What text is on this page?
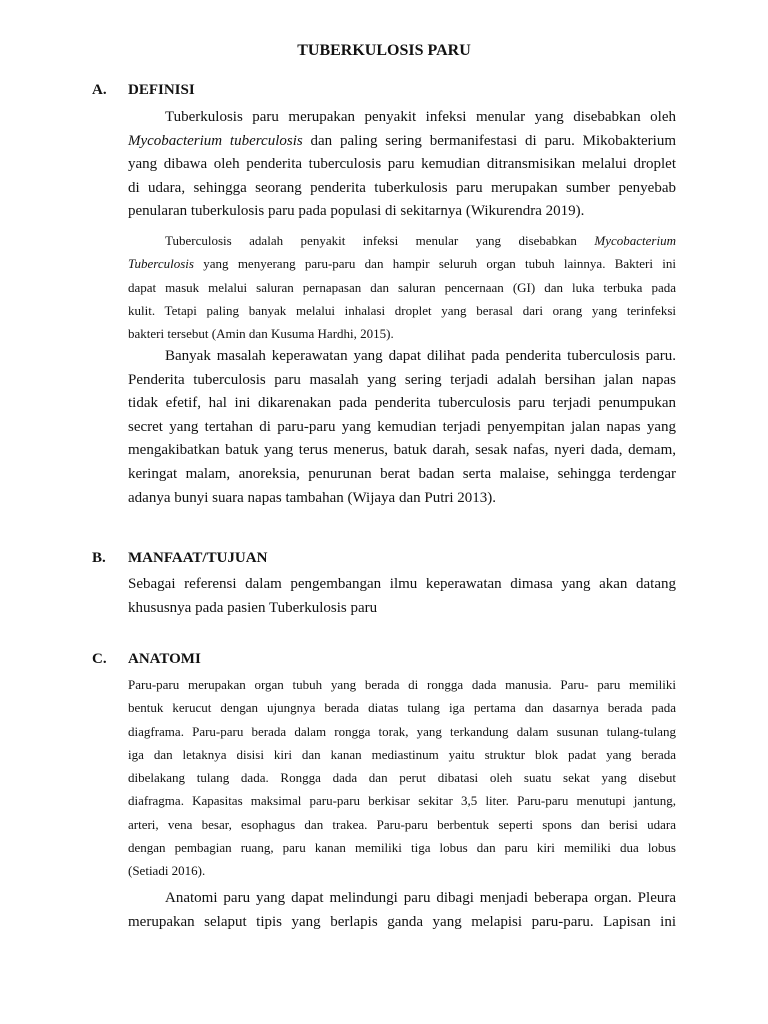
TUBERKULOSIS PARU
A. DEFINISI

Tuberkulosis paru merupakan penyakit infeksi menular yang disebabkan oleh
Mycobacterium tuberculosis dan paling sering bermanifestasi di paru. Mikobakterium
yang dibawa oleh penderita tuberculosis paru kemudian ditransmisikan melalui droplet
di udara, sehingga seorang penderita tuberkulosis paru merupakan sumber penyebab
penularan tuberkulosis paru pada populasi di sekitarnya (Wikurendra 2019).

Tuberculosis adalah penyakit infeksi menular yang disebabkan Mycobacterium
Tuberculosis yang menyerang paru-paru dan hampir seluruh organ tubuh lainnya. Bakteri ini
dapat masuk melalui saluran pernapasan dan saluran pencernaan (GI) dan luka terbuka pada
kulit. Tetapi paling banyak melalui inhalasi droplet yang berasal dari orang yang terinfeksi
bakteri tersebut (Amin dan Kusuma Hardhi, 2015).

Banyak masalah keperawatan yang dapat dilihat pada penderita tuberculosis paru.
Penderita tuberculosis paru masalah yang sering terjadi adalah bersihan jalan napas
tidak efetif, hal ini dikarenakan pada penderita tuberculosis paru terjadi penumpukan
secret yang tertahan di paru-paru yang kemudian terjadi penyempitan jalan napas yang
mengakibatkan batuk yang terus menerus, batuk darah, sesak nafas, nyeri dada, demam,
keringat malam, anoreksia, penurunan berat badan serta malaise, sehingga terdengar
adanya bunyi suara napas tambahan (Wijaya dan Putri 2013).

B. MANFAAT/TUJUAN

Sebagai referensi dalam pengembangan ilmu keperawatan dimasa yang akan datang
khususnya pada pasien Tuberkulosis paru

C. ANATOMI

Paru-paru merupakan organ tubuh yang berada di rongga dada manusia. Paru- paru memiliki
bentuk kerucut dengan ujungnya berada diatas tulang iga pertama dan dasarnya berada pada
diagframa. Paru-paru berada dalam rongga torak, yang terkandung dalam susunan tulang-tulang
iga dan letaknya disisi kiri dan kanan mediastinum yaitu struktur blok padat yang berada
dibelakang tulang dada. Rongga dada dan perut dibatasi oleh suatu sekat yang disebut
diafragma. Kapasitas maksimal paru-paru berkisar sekitar 3,5 liter. Paru-paru menutupi jantung,
arteri, vena besar, esophagus dan trakea. Paru-paru berbentuk seperti spons dan berisi udara
dengan pembagian ruang, paru kanan memiliki tiga lobus dan paru kiri memiliki dua lobus
(Setiadi 2016).

Anatomi paru yang dapat melindungi paru dibagi menjadi beberapa organ. Pleura
merupakan selaput tipis yang berlapis ganda yang melapisi paru-paru. Lapisan ini
